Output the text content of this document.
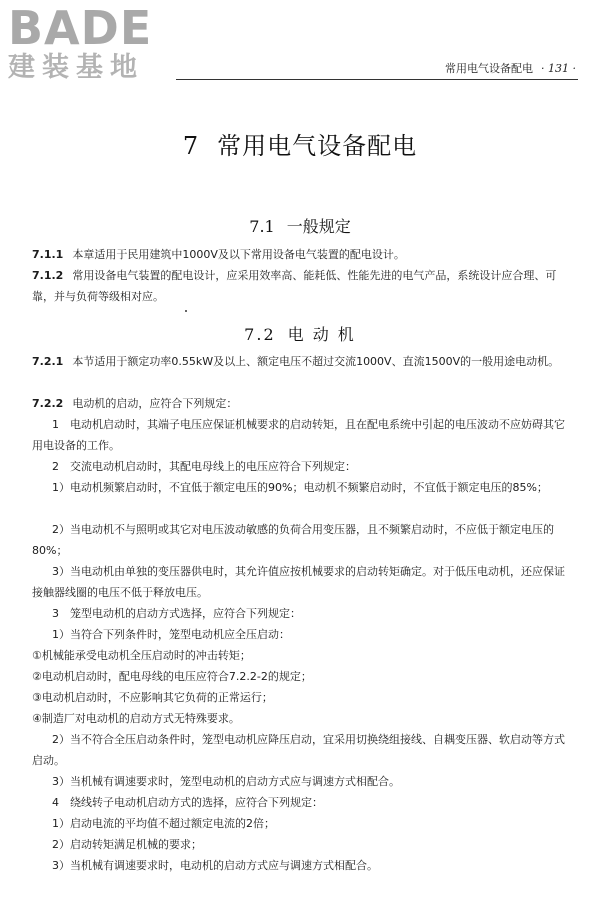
BADE
建装基地	常用电气设备配电 · 131 ·
7 常用电气设备配电
7.1 一般规定
7.1.1 本章适用于民用建筑中1000V及以下常用设备电气装置的配电设计。
7.1.2 常用设备电气装置的配电设计，应采用效率高、能耗低、性能先进的电气产品，系统设计应合理、可靠，并与负荷等级相对应。
7.2 电 动 机
7.2.1 本节适用于额定功率0.55kW及以上、额定电压不超过交流1000V、直流1500V的一般用途电动机。
7.2.2 电动机的启动，应符合下列规定：
1　电动机启动时，其端子电压应保证机械要求的启动转矩，且在配电系统中引起的电压波动不应妨碍其它用电设备的工作。
2　交流电动机启动时，其配电母线上的电压应符合下列规定：
1）电动机频繁启动时，不宜低于额定电压的90%；电动机不频繁启动时，不宜低于额定电压的85%；
2）当电动机不与照明或其它对电压波动敏感的负荷合用变压器，且不频繁启动时，不应低于额定电压的80%；
3）当电动机由单独的变压器供电时，其允许值应按机械要求的启动转矩确定。对于低压电动机，还应保证接触器线圈的电压不低于释放电压。
3　笼型电动机的启动方式选择，应符合下列规定：
1）当符合下列条件时，笼型电动机应全压启动：
①机械能承受电动机全压启动时的冲击转矩；
②电动机启动时，配电母线的电压应符合7.2.2-2的规定；
③电动机启动时，不应影响其它负荷的正常运行；
④制造厂对电动机的启动方式无特殊要求。
2）当不符合全压启动条件时，笼型电动机应降压启动，宜采用切换绕组接线、自耦变压器、软启动等方式启动。
3）当机械有调速要求时，笼型电动机的启动方式应与调速方式相配合。
4　绕线转子电动机启动方式的选择，应符合下列规定：
1）启动电流的平均值不超过额定电流的2倍；
2）启动转矩满足机械的要求；
3）当机械有调速要求时，电动机的启动方式应与调速方式相配合。
